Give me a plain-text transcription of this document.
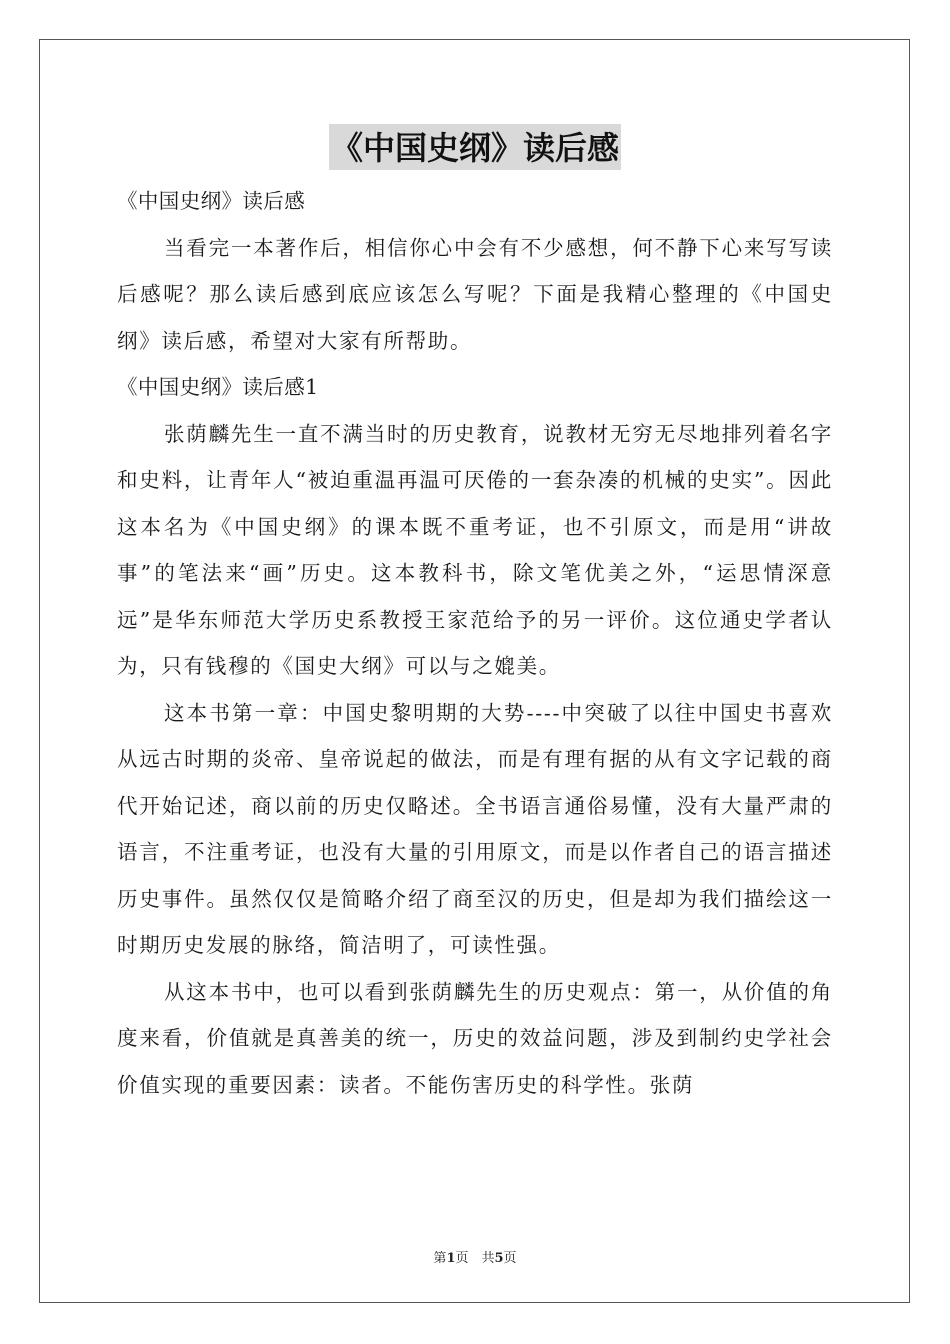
《中国史纲》读后感

《中国史纲》读后感

当看完一本著作后，相信你心中会有不少感想，何不静下心来写写读后感呢？那么读后感到底应该怎么写呢？下面是我精心整理的《中国史纲》读后感，希望对大家有所帮助。

《中国史纲》读后感1

张荫麟先生一直不满当时的历史教育，说教材无穷无尽地排列着名字和史料，让青年人“被迫重温再温可厌倦的一套杂凑的机械的史实”。因此这本名为《中国史纲》的课本既不重考证，也不引原文，而是用“讲故事”的笔法来“画”历史。这本教科书，除文笔优美之外，“运思情深意远”是华东师范大学历史系教授王家范给予的另一评价。这位通史学者认为，只有钱穆的《国史大纲》可以与之媲美。

这本书第一章：中国史黎明期的大势----中突破了以往中国史书喜欢从远古时期的炎帝、皇帝说起的做法，而是有理有据的从有文字记载的商代开始记述，商以前的历史仅略述。全书语言通俗易懂，没有大量严肃的语言，不注重考证，也没有大量的引用原文，而是以作者自己的语言描述历史事件。虽然仅仅是简略介绍了商至汉的历史，但是却为我们描绘这一时期历史发展的脉络，简洁明了，可读性强。

从这本书中，也可以看到张荫麟先生的历史观点：第一，从价值的角度来看，价值就是真善美的统一，历史的效益问题，涉及到制约史学社会价值实现的重要因素：读者。不能伤害历史的科学性。张荫

第1页　共5页
